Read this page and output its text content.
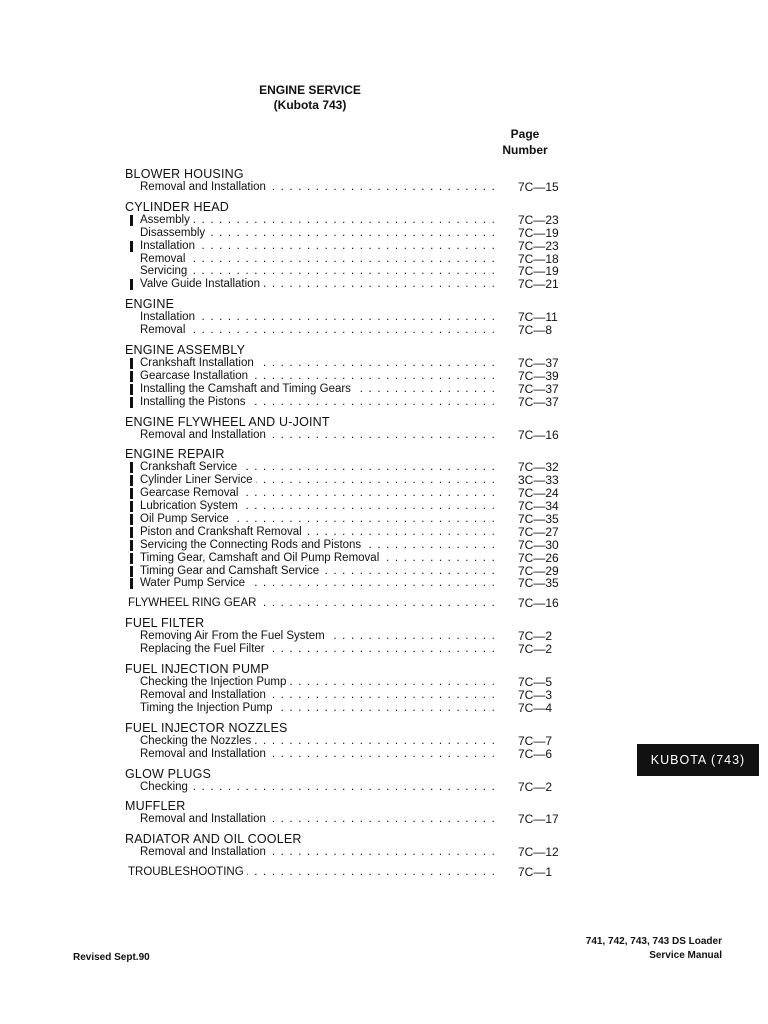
ENGINE SERVICE
(Kubota 743)
Page
Number
BLOWER HOUSING
Removal and Installation . . .	7C—15
CYLINDER HEAD
Assembly . . .	7C—23
Disassembly . . .	7C—19
Installation . . .	7C—23
Removal . . .	7C—18
Servicing . . .	7C—19
Valve Guide Installation . . .	7C—21
ENGINE
Installation . . .	7C—11
Removal . . .	7C—8
ENGINE ASSEMBLY
Crankshaft Installation . . .	7C—37
Gearcase Installation . . .	7C—39
Installing the Camshaft and Timing Gears . . .	7C—37
Installing the Pistons . . .	7C—37
ENGINE FLYWHEEL AND U-JOINT
Removal and Installation . . .	7C—16
ENGINE REPAIR
Crankshaft Service . . .	7C—32
Cylinder Liner Service . . .	3C—33
Gearcase Removal . . .	7C—24
Lubrication System . . .	7C—34
Oil Pump Service . . .	7C—35
Piston and Crankshaft Removal . . .	7C—27
Servicing the Connecting Rods and Pistons . . .	7C—30
Timing Gear, Camshaft and Oil Pump Removal . . .	7C—26
Timing Gear and Camshaft Service . . .	7C—29
Water Pump Service . . .	7C—35
FLYWHEEL RING GEAR . . .	7C—16
FUEL FILTER
Removing Air From the Fuel System . . .	7C—2
Replacing the Fuel Filter . . .	7C—2
FUEL INJECTION PUMP
Checking the Injection Pump . . .	7C—5
Removal and Installation . . .	7C—3
Timing the Injection Pump . . .	7C—4
FUEL INJECTOR NOZZLES
Checking the Nozzles . . .	7C—7
Removal and Installation . . .	7C—6
GLOW PLUGS
Checking . . .	7C—2
MUFFLER
Removal and Installation . . .	7C—17
RADIATOR AND OIL COOLER
Removal and Installation . . .	7C—12
TROUBLESHOOTING . . .	7C—1
KUBOTA (743)
741, 742, 743, 743 DS Loader
Service Manual
Revised Sept.90
